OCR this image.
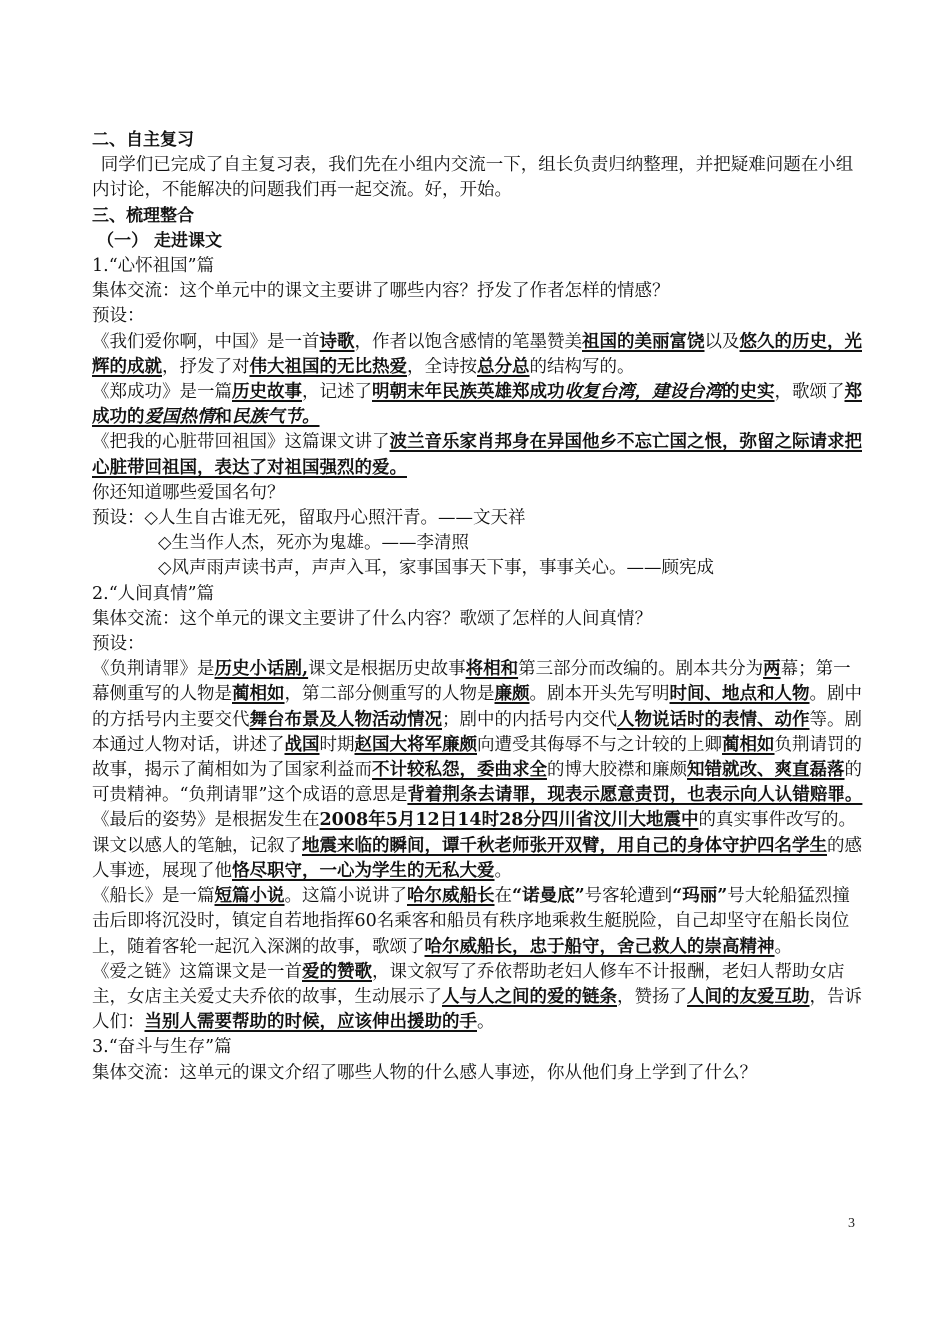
二、自主复习

同学们已完成了自主复习表，我们先在小组内交流一下，组长负责归纳整理，并把疑难问题在小组内讨论，不能解决的问题我们再一起交流。好，开始。

三、梳理整合

（一） 走进课文

1.“心怀祖国”篇

集体交流：这个单元中的课文主要讲了哪些内容？抒发了作者怎样的情感？

预设：

《我们爱你啊，中国》是一首诗歌，作者以饱含感情的笔墨赞美祖国的美丽富饶以及悠久的历史，光辉的成就，抒发了对伟大祖国的无比热爱，全诗按总分总的结构写的。

《郑成功》是一篇历史故事，记述了明朝末年民族英雄郑成功收复台湾，建设台湾的史实，歌颂了郑成功的爱国热情和民族气节。

《把我的心脏带回祖国》这篇课文讲了波兰音乐家肖邦身在异国他乡不忘亡国之恨，弥留之际请求把心脏带回祖国，表达了对祖国强烈的爱。

你还知道哪些爱国名句？

预设：◇人生自古谁无死，留取丹心照汗青。——文天祥

◇生当作人杰，死亦为鬼雄。——李清照

◇风声雨声读书声，声声入耳，家事国事天下事，事事关心。——顾宪成

2.“人间真情”篇

集体交流：这个单元的课文主要讲了什么内容？歌颂了怎样的人间真情？

预设：

《负荆请罪》是历史小话剧,课文是根据历史故事将相和第三部分而改编的。剧本共分为两幕；第一幕侧重写的人物是蔺相如，第二部分侧重写的人物是廉颇。剧本开头先写明时间、地点和人物。剧中的方括号内主要交代舞台布景及人物活动情况；剧中的内括号内交代人物说话时的表情、动作等。剧本通过人物对话，讲述了战国时期赵国大将军廉颇向遭受其侮辱不与之计较的上卿蔺相如负荆请罚的故事，揭示了蔺相如为了国家利益而不计较私怨，委曲求全的博大胶襟和廉颇知错就改、爽直磊落的可贵精神。“负荆请罪”这个成语的意思是背着荆条去请罪，现表示愿意责罚，也表示向人认错赔罪。

《最后的姿势》是根据发生在2008年5月12日14时28分四川省汶川大地震中的真实事件改写的。课文以感人的笔触，记叙了地震来临的瞬间，谭千秋老师张开双臂，用自己的身体守护四名学生的感人事迹，展现了他恪尽职守，一心为学生的无私大爱。

《船长》是一篇短篇小说。这篇小说讲了哈尔威船长在“诺曼底”号客轮遭到“玛丽”号大轮船猛烈撞击后即将沉没时，镇定自若地指挥60名乘客和船员有秩序地乘救生艇脱险，自己却坚守在船长岗位上，随着客轮一起沉入深渊的故事，歌颂了哈尔威船长，忠于船守，舍己救人的崇高精神。

《爱之链》这篇课文是一首爱的赞歌，课文叙写了乔依帮助老妇人修车不计报酬，老妇人帮助女店主，女店主关爱丈夫乔依的故事，生动展示了人与人之间的爱的链条，赞扬了人间的友爱互助，告诉人们：当别人需要帮助的时候，应该伸出援助的手。

3.“奋斗与生存”篇

集体交流：这单元的课文介绍了哪些人物的什么感人事迹，你从他们身上学到了什么？

3
